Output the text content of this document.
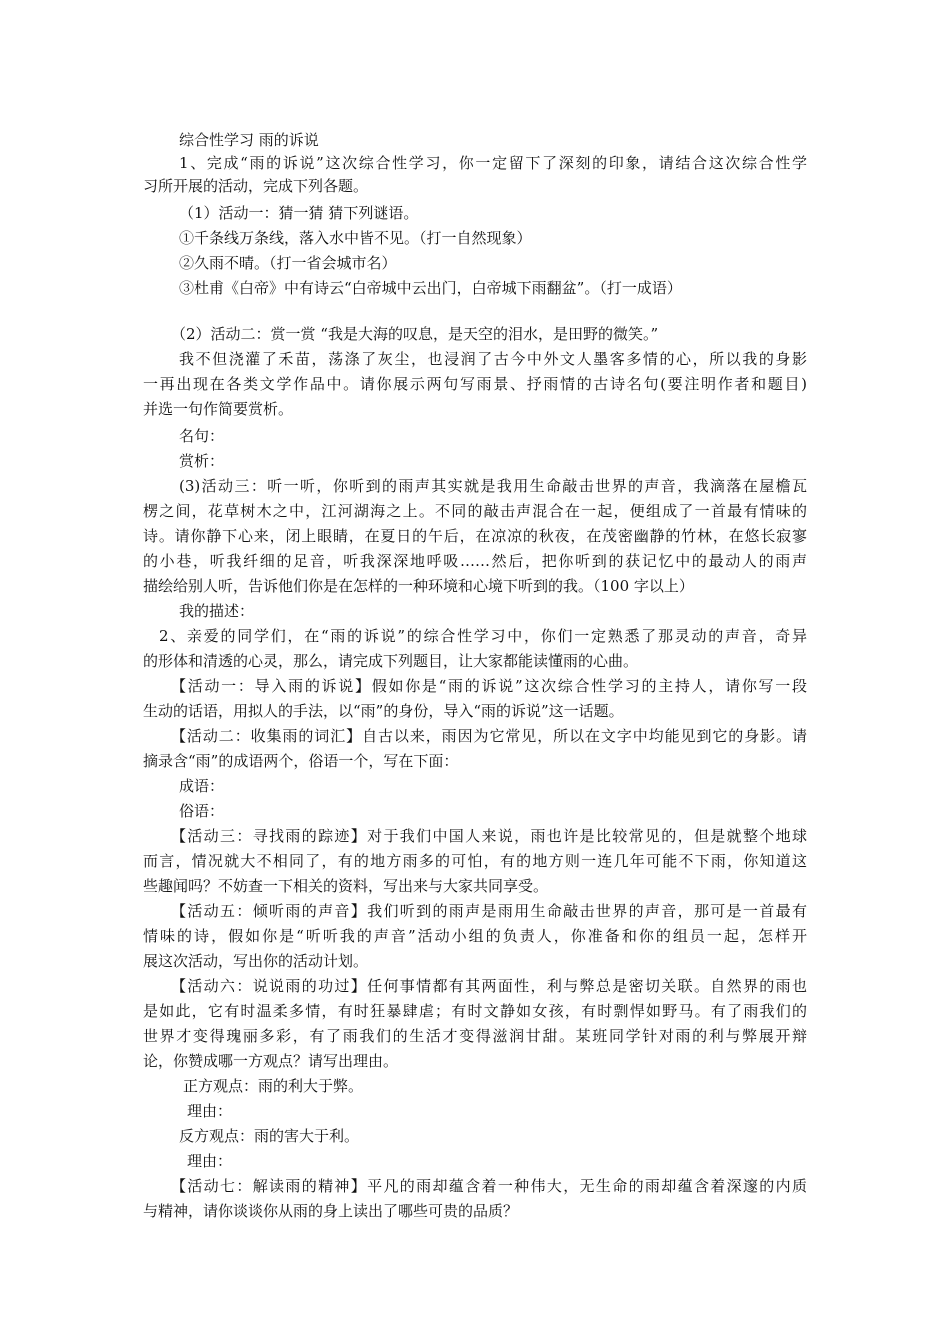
综合性学习 雨的诉说
1、完成“雨的诉说”这次综合性学习，你一定留下了深刻的印象，请结合这次综合性学
习所开展的活动，完成下列各题。
（1）活动一：猜一猜 猜下列谜语。
①千条线万条线，落入水中皆不见。（打一自然现象）
②久雨不晴。（打一省会城市名）
③杜甫《白帝》中有诗云“白帝城中云出门，白帝城下雨翻盆”。（打一成语）
（2）活动二：赏一赏 “我是大海的叹息，是天空的泪水，是田野的微笑。”
我不但浇灌了禾苗，荡涤了灰尘，也浸润了古今中外文人墨客多情的心，所以我的身影
一再出现在各类文学作品中。请你展示两句写雨景、抒雨情的古诗名句(要注明作者和题目)
并选一句作简要赏析。
名句：
赏析：
(3)活动三：听一听，你听到的雨声其实就是我用生命敲击世界的声音，我滴落在屋檐瓦
楞之间，花草树木之中，江河湖海之上。不同的敲击声混合在一起，便组成了一首最有情味的
诗。请你静下心来，闭上眼睛，在夏日的午后，在凉凉的秋夜，在茂密幽静的竹林，在悠长寂寥
的小巷，听我纤细的足音，听我深深地呼吸……然后，把你听到的获记忆中的最动人的雨声
描绘给别人听，告诉他们你是在怎样的一种环境和心境下听到的我。（100 字以上）
我的描述：
2、亲爱的同学们，在“雨的诉说”的综合性学习中，你们一定熟悉了那灵动的声音，奇异
的形体和清透的心灵，那么，请完成下列题目，让大家都能读懂雨的心曲。
【活动一：导入雨的诉说】假如你是“雨的诉说”这次综合性学习的主持人，请你写一段
生动的话语，用拟人的手法，以“雨”的身份，导入“雨的诉说”这一话题。
【活动二：收集雨的词汇】自古以来，雨因为它常见，所以在文字中均能见到它的身影。请
摘录含“雨”的成语两个，俗语一个，写在下面：
成语：
俗语：
【活动三：寻找雨的踪迹】对于我们中国人来说，雨也许是比较常见的，但是就整个地球
而言，情况就大不相同了，有的地方雨多的可怕，有的地方则一连几年可能不下雨，你知道这
些趣闻吗？不妨查一下相关的资料，写出来与大家共同享受。
【活动五：倾听雨的声音】我们听到的雨声是雨用生命敲击世界的声音，那可是一首最有
情味的诗，假如你是“听听我的声音”活动小组的负责人，你准备和你的组员一起，怎样开
展这次活动，写出你的活动计划。
【活动六：说说雨的功过】任何事情都有其两面性，利与弊总是密切关联。自然界的雨也
是如此，它有时温柔多情，有时狂暴肆虐；有时文静如女孩，有时剽悍如野马。有了雨我们的
世界才变得瑰丽多彩，有了雨我们的生活才变得滋润甘甜。某班同学针对雨的利与弊展开辩
论，你赞成哪一方观点？请写出理由。
正方观点：雨的利大于弊。
理由：
反方观点：雨的害大于利。
理由：
【活动七：解读雨的精神】平凡的雨却蕴含着一种伟大，无生命的雨却蕴含着深邃的内质
与精神，请你谈谈你从雨的身上读出了哪些可贵的品质？
